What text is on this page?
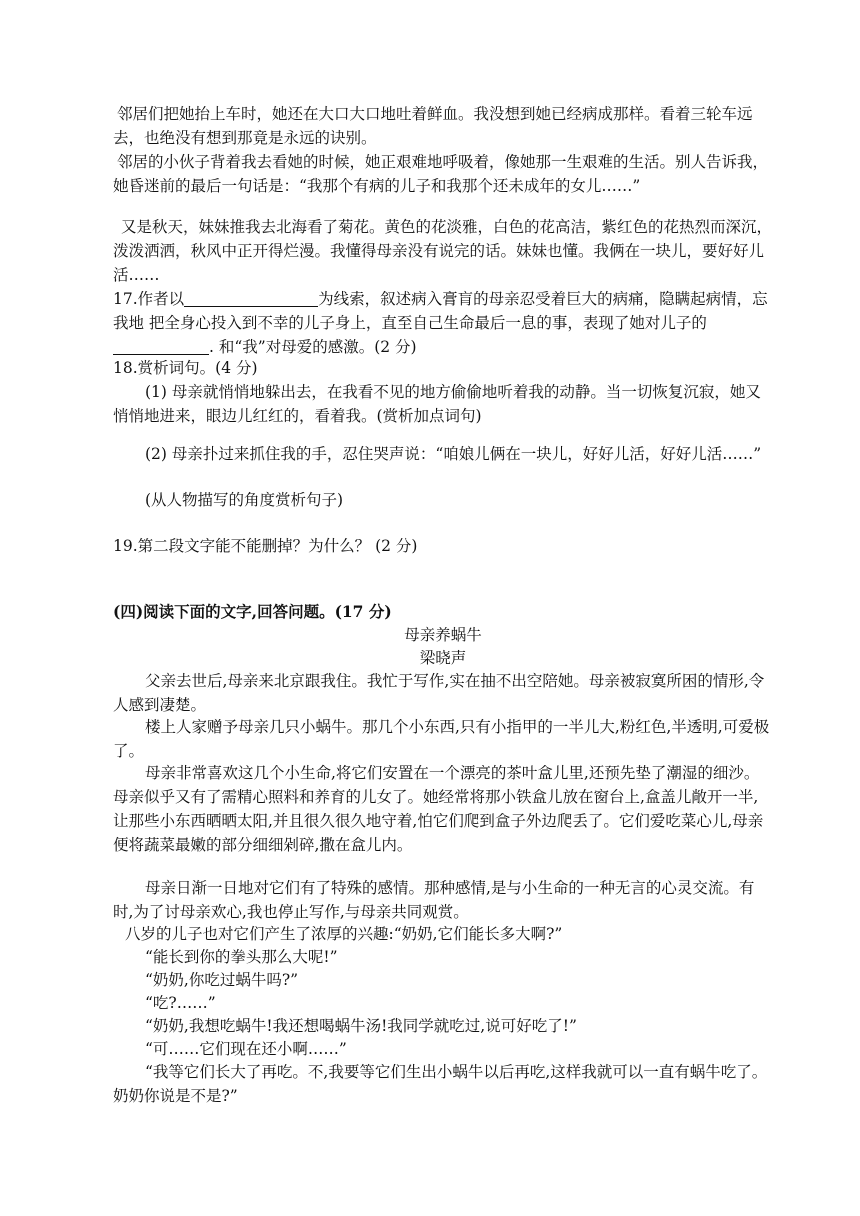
邻居们把她抬上车时，她还在大口大口地吐着鲜血。我没想到她已经病成那样。看着三轮车远去，也绝没有想到那竟是永远的诀别。

邻居的小伙子背着我去看她的时候，她正艰难地呼吸着，像她那一生艰难的生活。别人告诉我，她昏迷前的最后一句话是：“我那个有病的儿子和我那个还未成年的女儿……”

又是秋天，妹妹推我去北海看了菊花。黄色的花淡雅，白色的花高洁，紫红色的花热烈而深沉，泼泼洒洒，秋风中正开得烂漫。我懂得母亲没有说完的话。妹妹也懂。我俩在一块儿，要好好儿活……

17.作者以	为线索，叙述病入膏肓的母亲忍受着巨大的病痛，隐瞒起病情，忘我地 把全身心投入到不幸的儿子身上，直至自己生命最后一息的事，表现了她对儿子的 . 和“我”对母爱的感激。(2 分)

18.赏析词句。(4 分)

(1) 母亲就悄悄地躲出去，在我看不见的地方偷偷地听着我的动静。当一切恢复沉寂，她又悄悄地进来，眼边儿红红的，看着我。(赏析加点词句)

(2) 母亲扑过来抓住我的手，忍住哭声说：“咱娘儿俩在一块儿，好好儿活，好好儿活……”

(从人物描写的角度赏析句子)

19.第二段文字能不能删掉？为什么？ (2 分)

(四)阅读下面的文字,回答问题。(17 分)

母亲养蜗牛

梁晓声

父亲去世后,母亲来北京跟我住。我忙于写作,实在抽不出空陪她。母亲被寂寞所困的情形,令人感到凄楚。

楼上人家赠予母亲几只小蜗牛。那几个小东西,只有小指甲的一半儿大,粉红色,半透明,可爱极了。

母亲非常喜欢这几个小生命,将它们安置在一个漂亮的茶叶盒儿里,还预先垫了潮湿的细沙。母亲似乎又有了需精心照料和养育的儿女了。她经常将那小铁盒儿放在窗台上,盒盖儿敞开一半,让那些小东西晒晒太阳,并且很久很久地守着,怕它们爬到盒子外边爬丢了。它们爱吃菜心儿,母亲便将蔬菜最嫩的部分细细剁碎,撒在盒儿内。

母亲日渐一日地对它们有了特殊的感情。那种感情,是与小生命的一种无言的心灵交流。有时,为了讨母亲欢心,我也停止写作,与母亲共同观赏。

八岁的儿子也对它们产生了浓厚的兴趣:“奶奶,它们能长多大啊?”

“能长到你的拳头那么大呢!”

“奶奶,你吃过蜗牛吗?”

“吃?……”

“奶奶,我想吃蜗牛!我还想喝蜗牛汤!我同学就吃过,说可好吃了!”

“可……它们现在还小啊……”

“我等它们长大了再吃。不,我要等它们生出小蜗牛以后再吃,这样我就可以一直有蜗牛吃了。奶奶你说是不是?”
